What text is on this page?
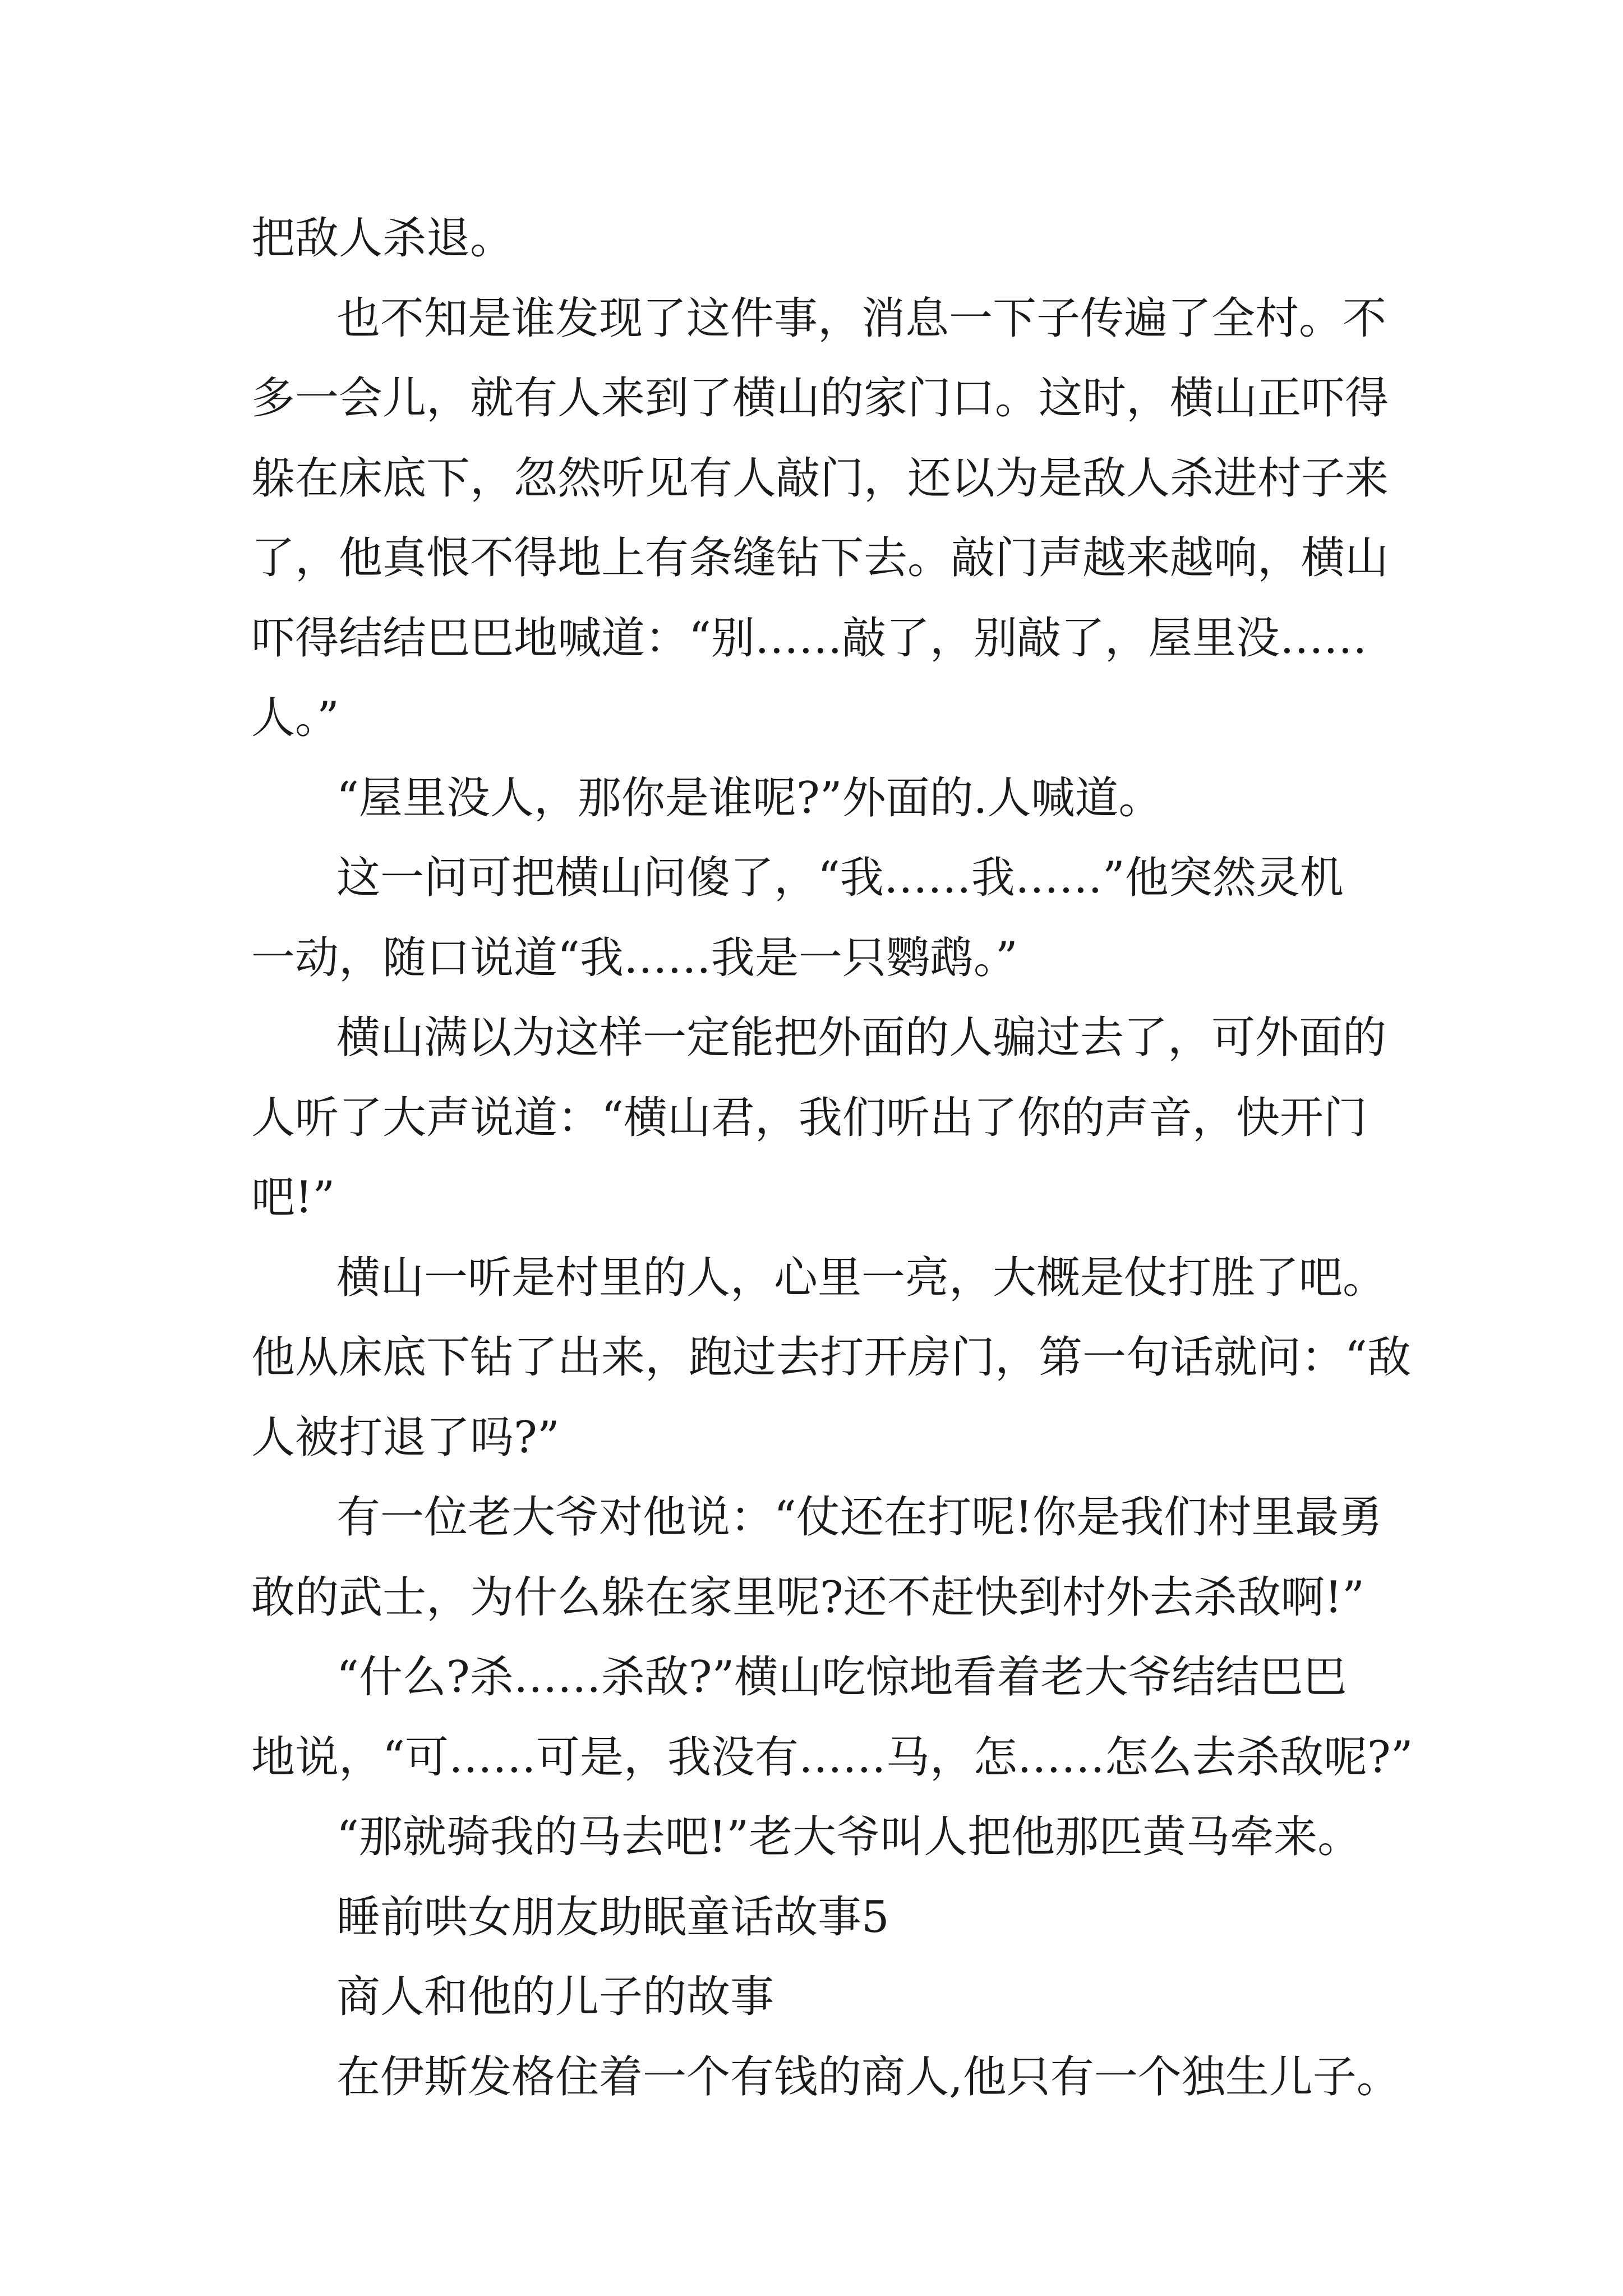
把敌人杀退。

也不知是谁发现了这件事，消息一下子传遍了全村。不

多一会儿，就有人来到了横山的家门口。这时，横山正吓得

躲在床底下，忽然听见有人敲门，还以为是敌人杀进村子来

了，他真恨不得地上有条缝钻下去。敲门声越来越响，横山

吓得结结巴巴地喊道：“别……敲了，别敲了，屋里没……

人。”

“屋里没人，那你是谁呢?”外面的.人喊道。

这一问可把横山问傻了，“我……我……”他突然灵机

一动，随口说道“我……我是一只鹦鹉。”

横山满以为这样一定能把外面的人骗过去了，可外面的

人听了大声说道：“横山君，我们听出了你的声音，快开门

吧!”

横山一听是村里的人，心里一亮，大概是仗打胜了吧。

他从床底下钻了出来，跑过去打开房门，第一句话就问：“敌

人被打退了吗?”

有一位老大爷对他说：“仗还在打呢!你是我们村里最勇

敢的武士，为什么躲在家里呢?还不赶快到村外去杀敌啊!”

“什么?杀……杀敌?”横山吃惊地看着老大爷结结巴巴

地说，“可……可是，我没有……马，怎……怎么去杀敌呢?”

“那就骑我的马去吧!”老大爷叫人把他那匹黄马牵来。

睡前哄女朋友助眠童话故事5

商人和他的儿子的故事

在伊斯发格住着一个有钱的商人,他只有一个独生儿子。
